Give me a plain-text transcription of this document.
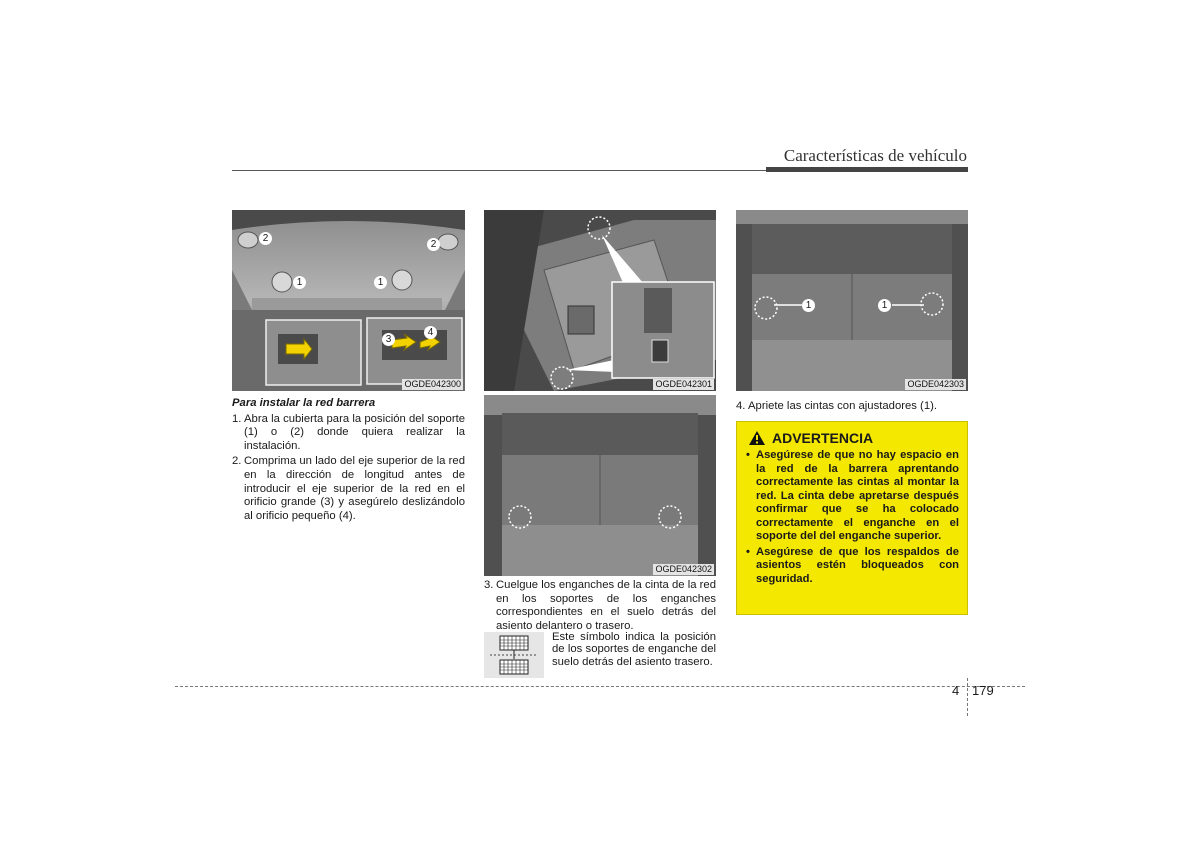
Características de vehículo
2
2
1	1
3
4
OGDE042300	OGDE042301
OGDE042302
1	1
OGDE042303
Para instalar la red barrera
1. Abra la cubierta para la posición del soporte (1) o (2) donde quiera realizar la instalación.
2. Comprima un lado del eje superior de la red en la dirección de longitud antes de introducir el eje superior de la red en el orificio grande (3) y asegúrelo deslizándolo al orificio pequeño (4).
3. Cuelgue los enganches de la cinta de la red en los soportes de los enganches correspondientes en el suelo detrás del asiento delantero o trasero.
Este símbolo indica la posición de los soportes de enganche del suelo detrás del asiento trasero.
4. Apriete las cintas con ajustadores (1).
ADVERTENCIA
• Asegúrese de que no hay espacio en la red de la barrera aprentando correctamente las cintas al montar la red. La cinta debe apretarse después confirmar que se ha colocado correctamente el enganche en el soporte del del enganche superior.
• Asegúrese de que los respaldos de asientos estén bloqueados con seguridad.
4 179
